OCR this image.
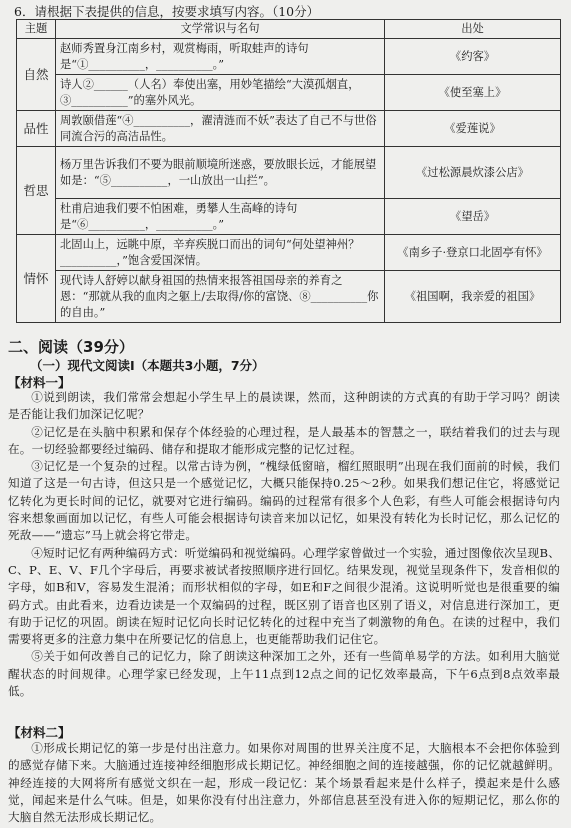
6．请根据下表提供的信息，按要求填写内容。（10分）
主题	文学常识与名句	出处
自然	赵师秀置身江南乡村，观赏梅雨，听取蛙声的诗句是“①__________，__________。”	《约客》
	诗人②______（人名）奉使出塞，用妙笔描绘“大漠孤烟直，③__________”的塞外风光。	《使至塞上》
品性	周敦颐借莲“④__________，濯清涟而不妖”表达了自己不与世俗同流合污的高洁品性。	《爱莲说》
哲思	杨万里告诉我们不要为眼前顺境所迷惑，要放眼长远，才能展望如是：“⑤__________，一山放出一山拦”。	《过松源晨炊漆公店》
	杜甫启迪我们要不怕困难，勇攀人生高峰的诗句是“⑥__________，__________。”	《望岳》
情怀	北固山上，远眺中原，辛弃疾脱口而出的词句“何处望神州？__________，”饱含爱国深情。	《南乡子·登京口北固亭有怀》
	现代诗人舒婷以献身祖国的热情来报答祖国母亲的养育之恩：“那就从我的血肉之躯上/去取得/你的富饶、⑧__________你的自由。”	《祖国啊，我亲爱的祖国》
二、阅读（39分）
（一）现代文阅读Ⅰ（本题共3小题，7分）
【材料一】

①说到朗读，我们常常会想起小学生早上的晨读课，然而，这种朗读的方式真的有助于学习吗？朗读是否能让我们加深记忆呢？

②记忆是在头脑中积累和保存个体经验的心理过程，是人最基本的智慧之一，联结着我们的过去与现在。一切经验都要经过编码、储存和提取才能形成完整的记忆过程。

③记忆是一个复杂的过程。以常古诗为例，“槐绿低窗暗，榴红照眼明”出现在我们面前的时候，我们知道了这是一句古诗，但这只是一个感觉记忆，大概只能保持0.25～2秒。如果我们想记住它，将感觉记忆转化为更长时间的记忆，就要对它进行编码。编码的过程常有很多个人色彩，有些人可能会根据诗句内容来想象画面加以记忆，有些人可能会根据诗句读音来加以记忆，如果没有转化为长时记忆，那么记忆的死敌——“遗忘”马上就会将它带走。

④短时记忆有两种编码方式：听觉编码和视觉编码。心理学家曾做过一个实验，通过图像依次呈现B、C、P、E、V、F几个字母后，再要求被试者按照顺序进行回忆。结果发现，视觉呈现条件下，发音相似的字母，如B和V，容易发生混淆；而形状相似的字母，如E和F之间很少混淆。这说明听觉也是很重要的编码方式。由此看来，边看边读是一个双编码的过程，既区别了语音也区别了语义，对信息进行深加工，更有助于记忆的巩固。朗读在短时记忆向长时记忆转化的过程中充当了刺激物的角色。在读的过程中，我们需要将更多的注意力集中在所要记忆的信息上，也更能帮助我们记住它。

⑤关于如何改善自己的记忆力，除了朗读这种深加工之外，还有一些简单易学的方法。如利用大脑觉醒状态的时间规律。心理学家已经发现，上午11点到12点之间的记忆效率最高，下午6点到8点效率最低。

【材料二】

①形成长期记忆的第一步是付出注意力。如果你对周围的世界关注度不足，大脑根本不会把你体验到的感觉存储下来。大脑通过连接神经细胞形成长期记忆。神经细胞之间的连接越强，你的记忆就越鲜明。神经连接的大网将所有感觉文织在一起，形成一段记忆：某个场景看起来是什么样子，摸起来是什么感觉，闻起来是什么气味。但是，如果你没有付出注意力，外部信息甚至没有进入你的短期记忆，那么你的大脑自然无法形成长期记忆。
